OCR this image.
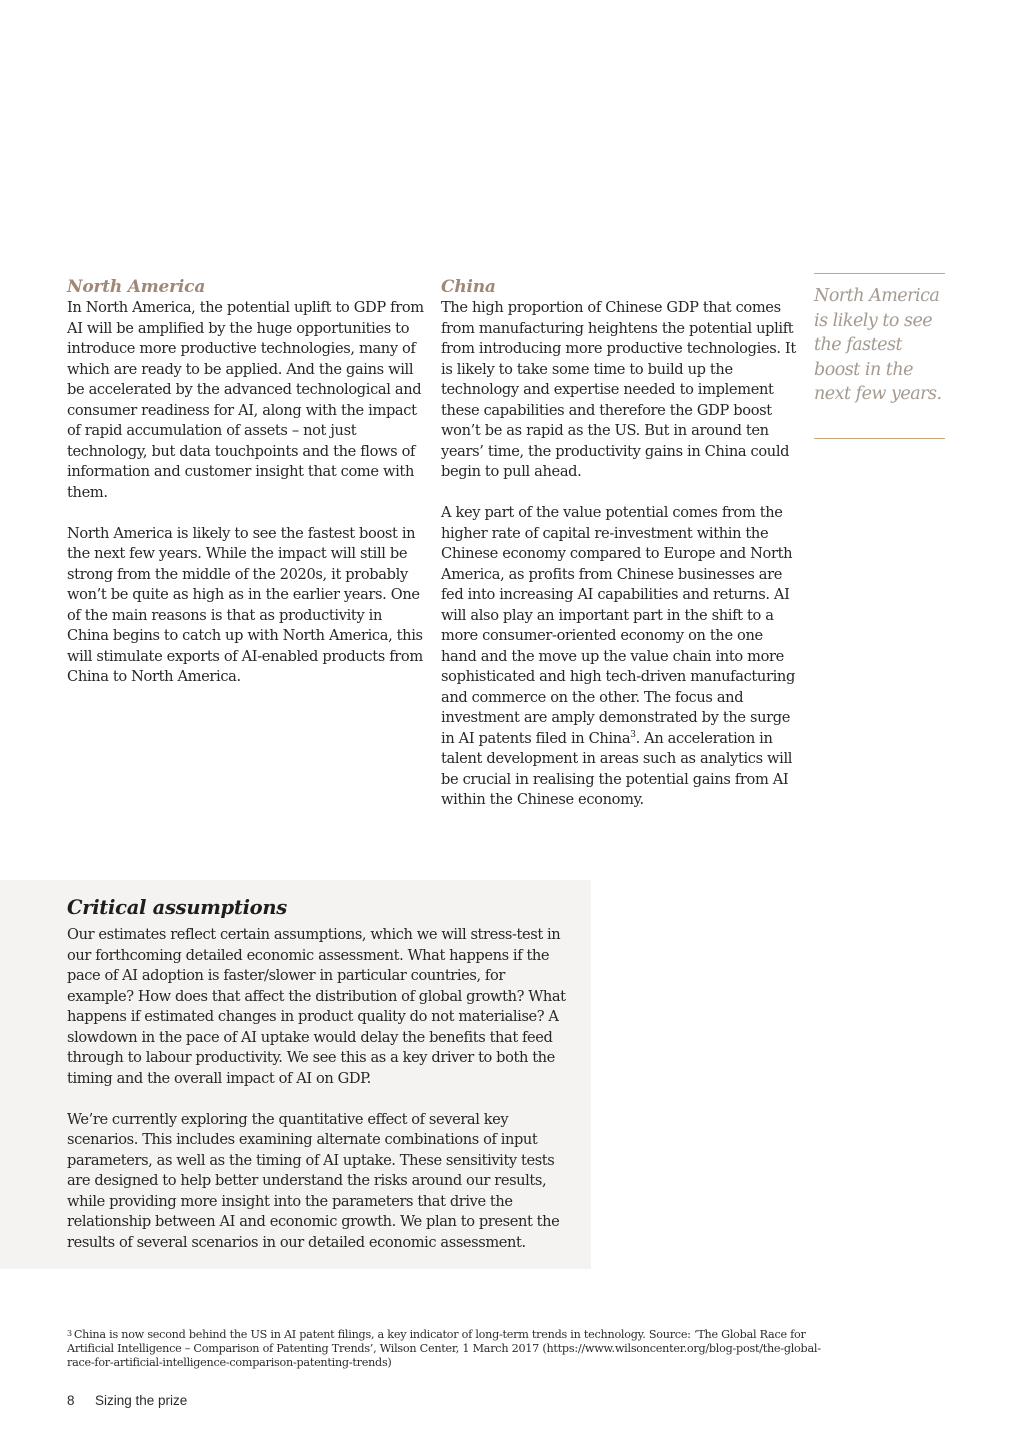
North America

In North America, the potential uplift to GDP from AI will be amplified by the huge opportunities to introduce more productive technologies, many of which are ready to be applied. And the gains will be accelerated by the advanced technological and consumer readiness for AI, along with the impact of rapid accumulation of assets – not just technology, but data touchpoints and the flows of information and customer insight that come with them.

North America is likely to see the fastest boost in the next few years. While the impact will still be strong from the middle of the 2020s, it probably won’t be quite as high as in the earlier years. One of the main reasons is that as productivity in China begins to catch up with North America, this will stimulate exports of AI-enabled products from China to North America.

China

The high proportion of Chinese GDP that comes from manufacturing heightens the potential uplift from introducing more productive technologies. It is likely to take some time to build up the technology and expertise needed to implement these capabilities and therefore the GDP boost won’t be as rapid as the US. But in around ten years’ time, the productivity gains in China could begin to pull ahead.

A key part of the value potential comes from the higher rate of capital re-investment within the Chinese economy compared to Europe and North America, as profits from Chinese businesses are fed into increasing AI capabilities and returns. AI will also play an important part in the shift to a more consumer-oriented economy on the one hand and the move up the value chain into more sophisticated and high tech-driven manufacturing and commerce on the other. The focus and investment are amply demonstrated by the surge in AI patents filed in China$^3$. An acceleration in talent development in areas such as analytics will be crucial in realising the potential gains from AI within the Chinese economy.

North America is likely to see the fastest boost in the next few years.

Critical assumptions

Our estimates reflect certain assumptions, which we will stress-test in our forthcoming detailed economic assessment. What happens if the pace of AI adoption is faster/slower in particular countries, for example? How does that affect the distribution of global growth? What happens if estimated changes in product quality do not materialise? A slowdown in the pace of AI uptake would delay the benefits that feed through to labour productivity. We see this as a key driver to both the timing and the overall impact of AI on GDP.

We’re currently exploring the quantitative effect of several key scenarios. This includes examining alternate combinations of input parameters, as well as the timing of AI uptake. These sensitivity tests are designed to help better understand the risks around our results, while providing more insight into the parameters that drive the relationship between AI and economic growth. We plan to present the results of several scenarios in our detailed economic assessment.

$^3$ China is now second behind the US in AI patent filings, a key indicator of long-term trends in technology. Source: ‘The Global Race for Artificial Intelligence – Comparison of Patenting Trends’, Wilson Center, 1 March 2017 (https://www.wilsoncenter.org/blog-post/the-global-race-for-artificial-intelligence-comparison-patenting-trends)

8 Sizing the prize
